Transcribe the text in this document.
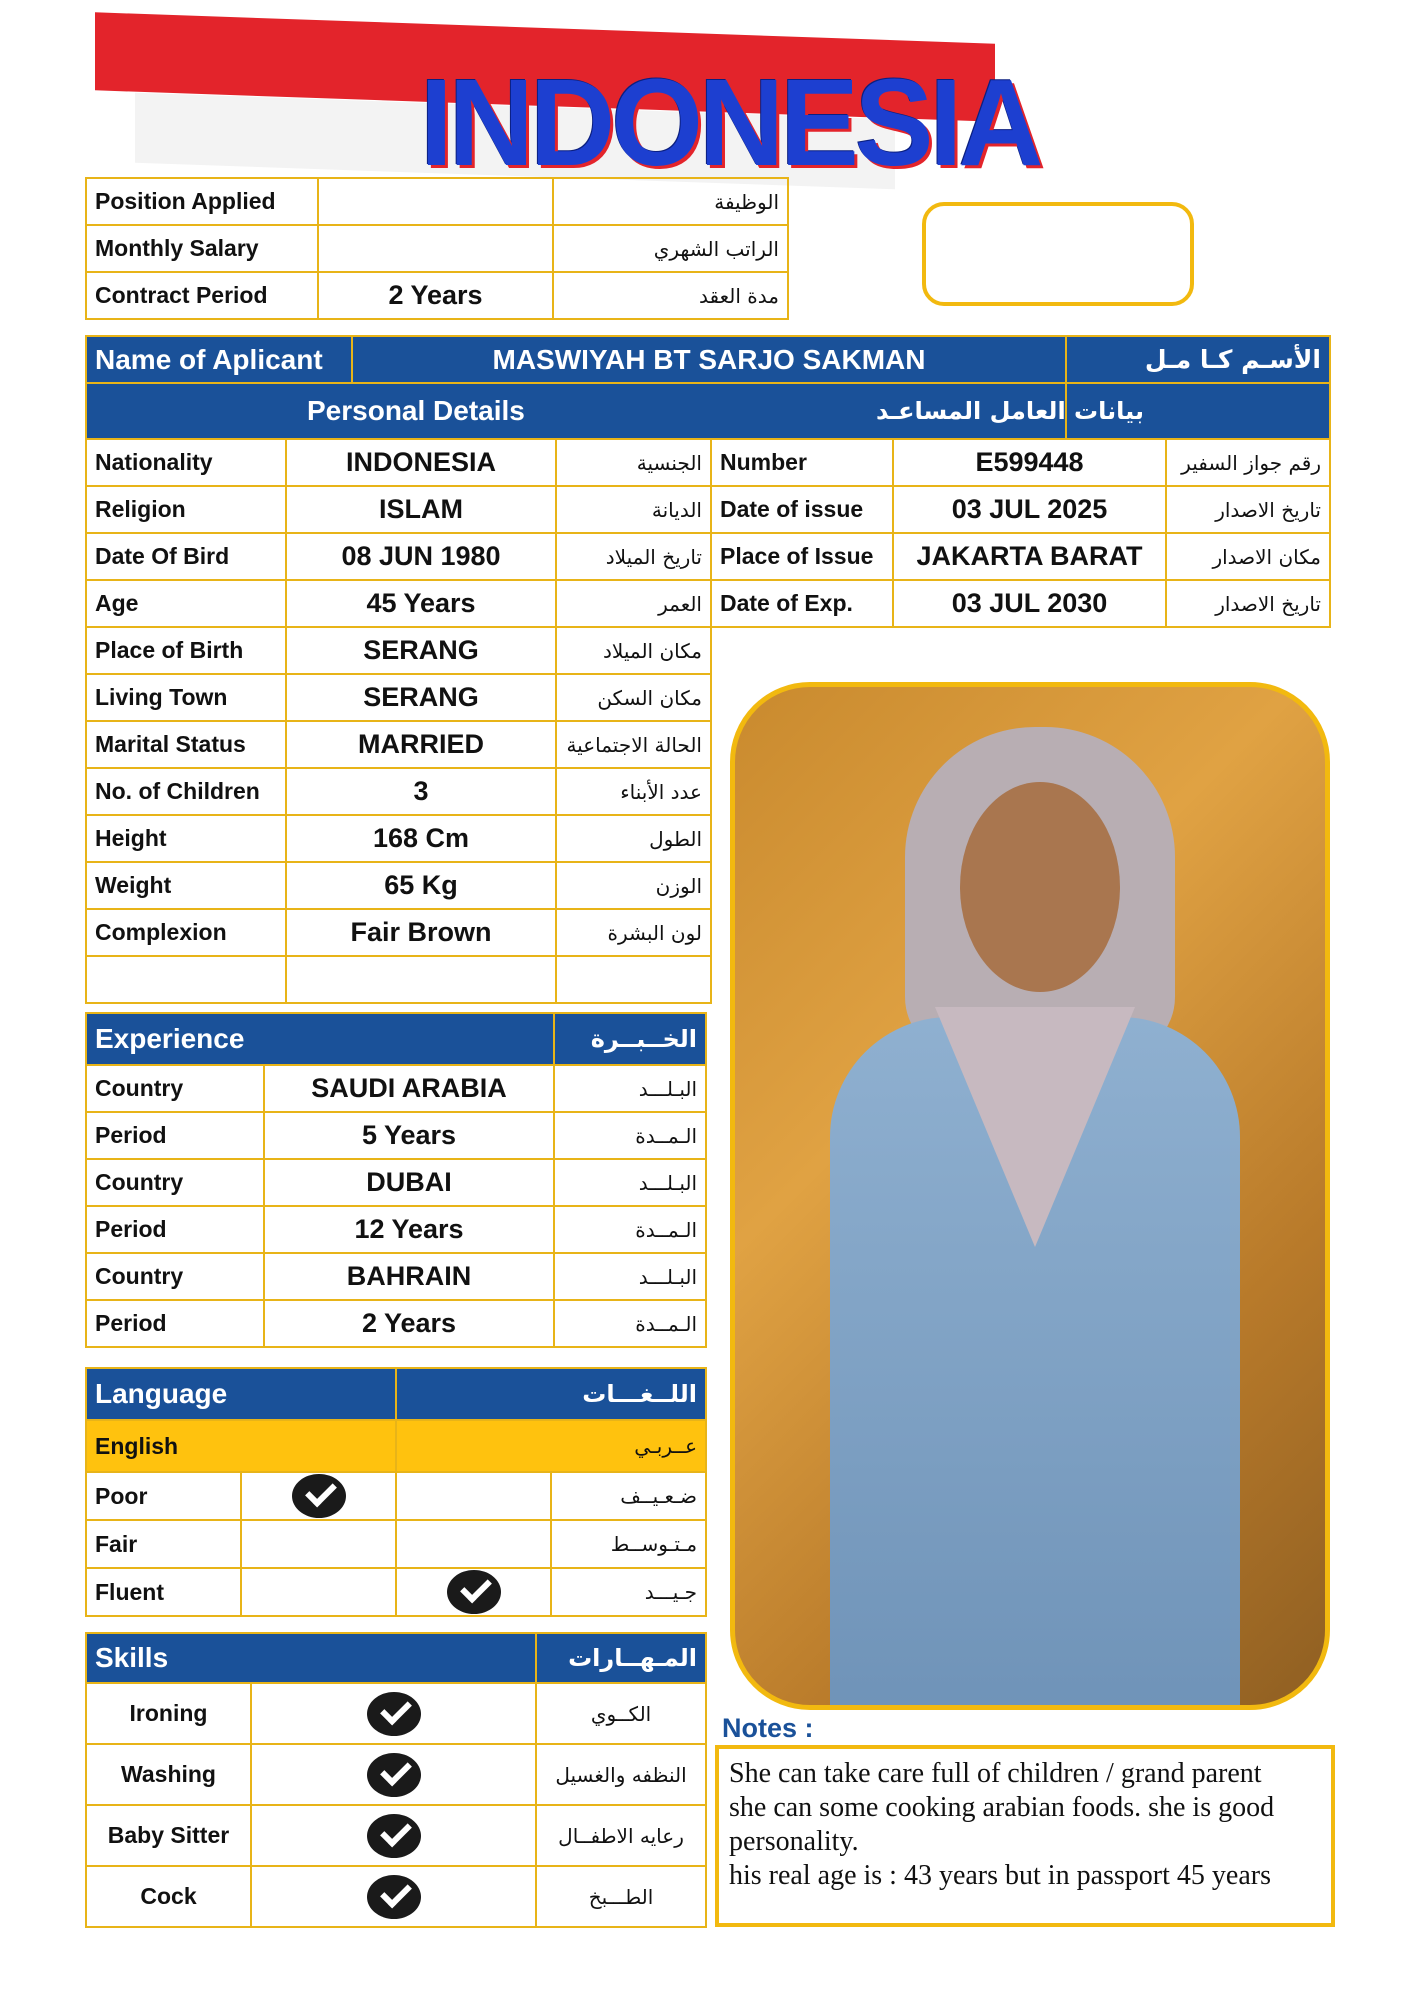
INDONESIA
Position Applied		الوظيفة
Monthly Salary		الراتب الشهري
Contract Period	2 Years	مدة العقد
Name of Aplicant	MASWIYAH BT SARJO SAKMAN	الأسـم كـا مـل
Personal Details		بيانات العامل المساعـد
Nationality	INDONESIA	الجنسية
Religion	ISLAM	الديانة
Date Of Bird	08 JUN 1980	تاريخ الميلاد
Age	45 Years	العمر
Place of Birth	SERANG	مكان الميلاد
Living Town	SERANG	مكان السكن
Marital Status	MARRIED	الحالة الاجتماعية
No. of Children	3	عدد الأبناء
Height	168 Cm	الطول
Weight	65 Kg	الوزن
Complexion	Fair Brown	لون البشرة

Number	E599448	رقم جواز السفير
Date of issue	03 JUL 2025	تاريخ الاصدار
Place of Issue	JAKARTA BARAT	مكان الاصدار
Date of Exp.	03 JUL 2030	تاريخ الاصدار
Experience		الخــبــرة
Country	SAUDI ARABIA	البـلـــد
Period	5 Years	الـمــدة
Country	DUBAI	البـلـــد
Period	12 Years	الـمــدة
Country	BAHRAIN	البـلـــد
Period	2 Years	الـمــدة
Language		اللــغـــات	
English		عــربـي	
Poor			ضـعـيــف
Fair			مـتـوســط
Fluent			جـيـــد
Skills		المـهــارات
Ironing		الكــوي
Washing		النظفه والغسيل
Baby Sitter		رعايه الاطفــال
Cock		الطـــبخ
Notes :
She can take care full of children / grand parent
she can some cooking arabian foods. she is good
personality.
his real age is : 43 years but in passport 45 years
